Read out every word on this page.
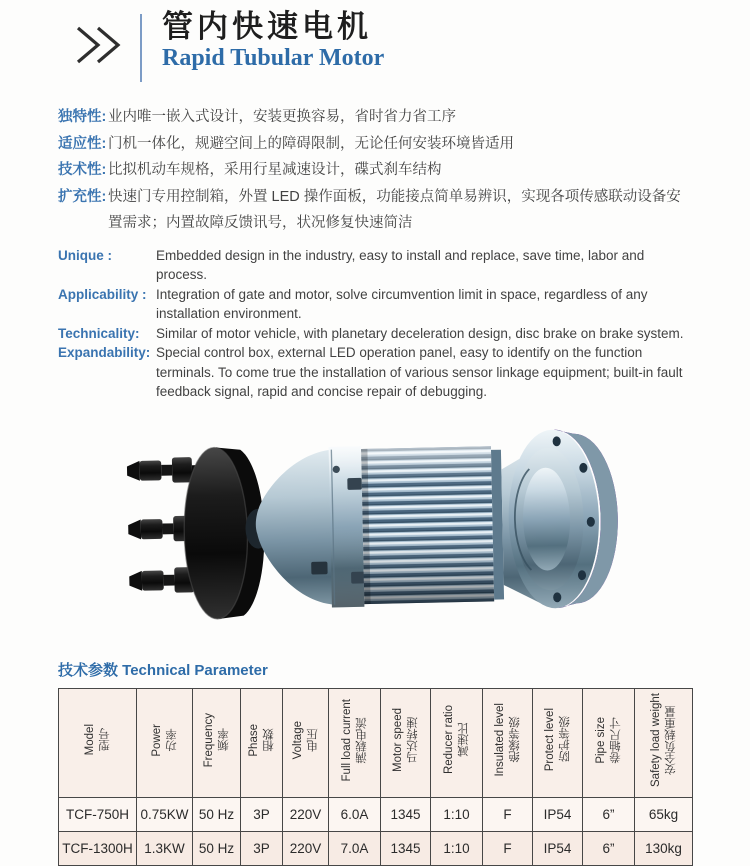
管内快速电机
Rapid Tubular Motor
独特性: 业内唯一嵌入式设计，安装更换容易，省时省力省工序
适应性: 门机一体化，规避空间上的障碍限制，无论任何安装环境皆适用
技术性: 比拟机动车规格，采用行星减速设计，碟式刹车结构
扩充性: 快速门专用控制箱，外置 LED 操作面板，功能接点简单易辨识，实现各项传感联动设备安置需求；内置故障反馈讯号，状况修复快速简洁
Unique :	Embedded design in the industry, easy to install and replace, save time, labor and process.
Applicability : Integration of gate and motor, solve circumvention limit in space, regardless of any installation environment.
Technicality:	Similar of motor vehicle, with planetary deceleration design, disc brake on brake system.
Expandability: Special control box, external LED operation panel, easy to identify on the function terminals. To come true the installation of various sensor linkage equipment; built-in fault feedback signal, rapid and concise repair of debugging.
技术参数 Technical Parameter
Model 型号	Power 功率	Frequency 频率	Phase 相数	Voltage 电压	Full load current 满载电流	Motor speed 马达转速	Reducer ratio 减速比	Insulated level 绝缘等级	Protect level 防护等级	Pipe size 卷轴尺寸	Safety load weight 安全负载重量

TCF-750H	0.75KW	50 Hz	3P	220V	6.0A	1345	1:10	F	IP54	6”	65kg
TCF-1300H	1.3KW	50 Hz	3P	220V	7.0A	1345	1:10	F	IP54	6”	130kg
